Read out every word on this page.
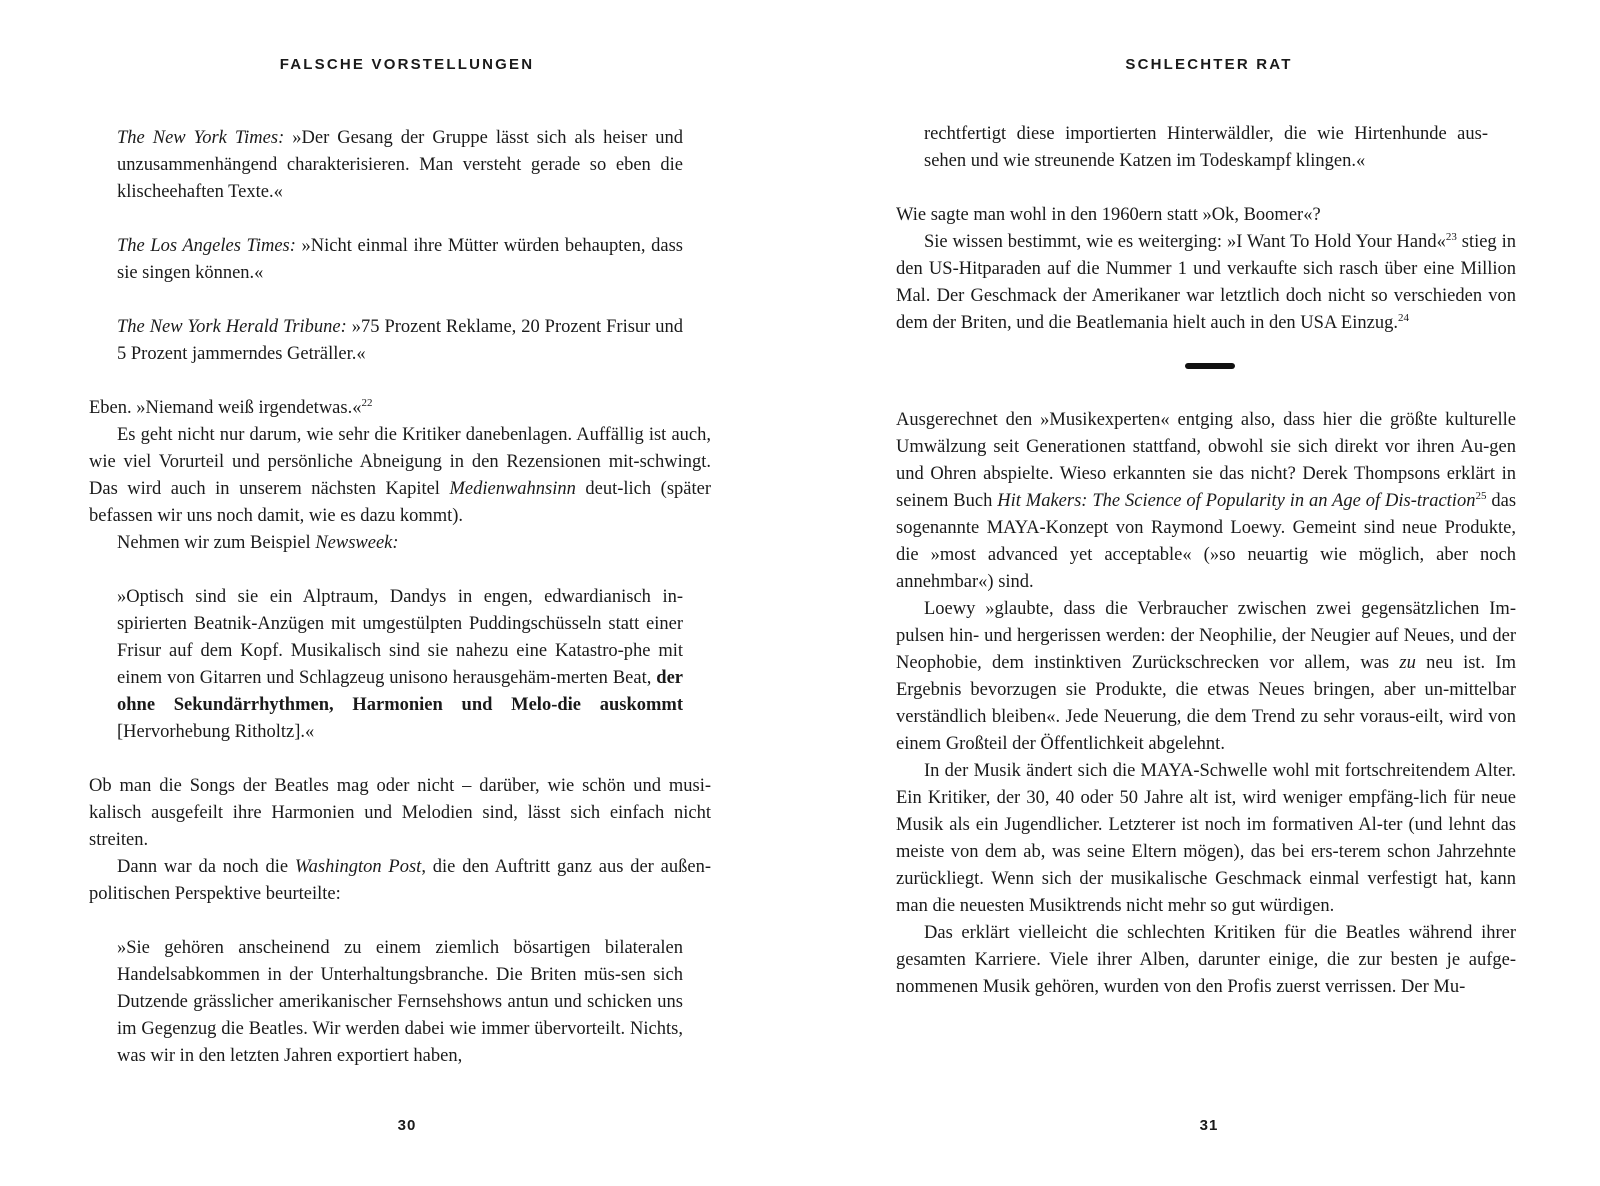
FALSCHE VORSTELLUNGEN

The New York Times: »Der Gesang der Gruppe lässt sich als heiser und unzusammenhängend charakterisieren. Man versteht gerade so eben die klischeehaften Texte.«

The Los Angeles Times: »Nicht einmal ihre Mütter würden behaupten, dass sie singen können.«

The New York Herald Tribune: »75 Prozent Reklame, 20 Prozent Frisur und 5 Prozent jammerndes Geträller.«

Eben. »Niemand weiß irgendetwas.«$^{22}$

Es geht nicht nur darum, wie sehr die Kritiker danebenlagen. Auffällig ist auch, wie viel Vorurteil und persönliche Abneigung in den Rezensionen mit-schwingt. Das wird auch in unserem nächsten Kapitel Medienwahnsinn deut-lich (später befassen wir uns noch damit, wie es dazu kommt).

Nehmen wir zum Beispiel Newsweek:

»Optisch sind sie ein Alptraum, Dandys in engen, edwardianisch in-spirierten Beatnik-Anzügen mit umgestülpten Puddingschüsseln statt einer Frisur auf dem Kopf. Musikalisch sind sie nahezu eine Katastro-phe mit einem von Gitarren und Schlagzeug unisono herausgehäm-merten Beat, der ohne Sekundärrhythmen, Harmonien und Melo-die auskommt [Hervorhebung Ritholtz].«

Ob man die Songs der Beatles mag oder nicht – darüber, wie schön und musi-kalisch ausgefeilt ihre Harmonien und Melodien sind, lässt sich einfach nicht streiten.

Dann war da noch die Washington Post, die den Auftritt ganz aus der außen-politischen Perspektive beurteilte:

»Sie gehören anscheinend zu einem ziemlich bösartigen bilateralen Handelsabkommen in der Unterhaltungsbranche. Die Briten müs-sen sich Dutzende grässlicher amerikanischer Fernsehshows antun und schicken uns im Gegenzug die Beatles. Wir werden dabei wie immer übervorteilt. Nichts, was wir in den letzten Jahren exportiert haben,

30
SCHLECHTER RAT

rechtfertigt diese importierten Hinterwäldler, die wie Hirtenhunde aus-sehen und wie streunende Katzen im Todeskampf klingen.«

Wie sagte man wohl in den 1960ern statt »Ok, Boomer«?

Sie wissen bestimmt, wie es weiterging: »I Want To Hold Your Hand«$^{23}$ stieg in den US-Hitparaden auf die Nummer 1 und verkaufte sich rasch über eine Million Mal. Der Geschmack der Amerikaner war letztlich doch nicht so verschieden von dem der Briten, und die Beatlemania hielt auch in den USA Einzug.$^{24}$

Ausgerechnet den »Musikexperten« entging also, dass hier die größte kulturelle Umwälzung seit Generationen stattfand, obwohl sie sich direkt vor ihren Au-gen und Ohren abspielte. Wieso erkannten sie das nicht? Derek Thompsons erklärt in seinem Buch Hit Makers: The Science of Popularity in an Age of Dis-traction$^{25}$ das sogenannte MAYA-Konzept von Raymond Loewy. Gemeint sind neue Produkte, die »most advanced yet acceptable« (»so neuartig wie möglich, aber noch annehmbar«) sind.

Loewy »glaubte, dass die Verbraucher zwischen zwei gegensätzlichen Im-pulsen hin- und hergerissen werden: der Neophilie, der Neugier auf Neues, und der Neophobie, dem instinktiven Zurückschrecken vor allem, was zu neu ist. Im Ergebnis bevorzugen sie Produkte, die etwas Neues bringen, aber un-mittelbar verständlich bleiben«. Jede Neuerung, die dem Trend zu sehr voraus-eilt, wird von einem Großteil der Öffentlichkeit abgelehnt.

In der Musik ändert sich die MAYA-Schwelle wohl mit fortschreitendem Alter. Ein Kritiker, der 30, 40 oder 50 Jahre alt ist, wird weniger empfäng-lich für neue Musik als ein Jugendlicher. Letzterer ist noch im formativen Al-ter (und lehnt das meiste von dem ab, was seine Eltern mögen), das bei ers-terem schon Jahrzehnte zurückliegt. Wenn sich der musikalische Geschmack einmal verfestigt hat, kann man die neuesten Musiktrends nicht mehr so gut würdigen.

Das erklärt vielleicht die schlechten Kritiken für die Beatles während ihrer gesamten Karriere. Viele ihrer Alben, darunter einige, die zur besten je aufge-nommenen Musik gehören, wurden von den Profis zuerst verrissen. Der Mu-

31
